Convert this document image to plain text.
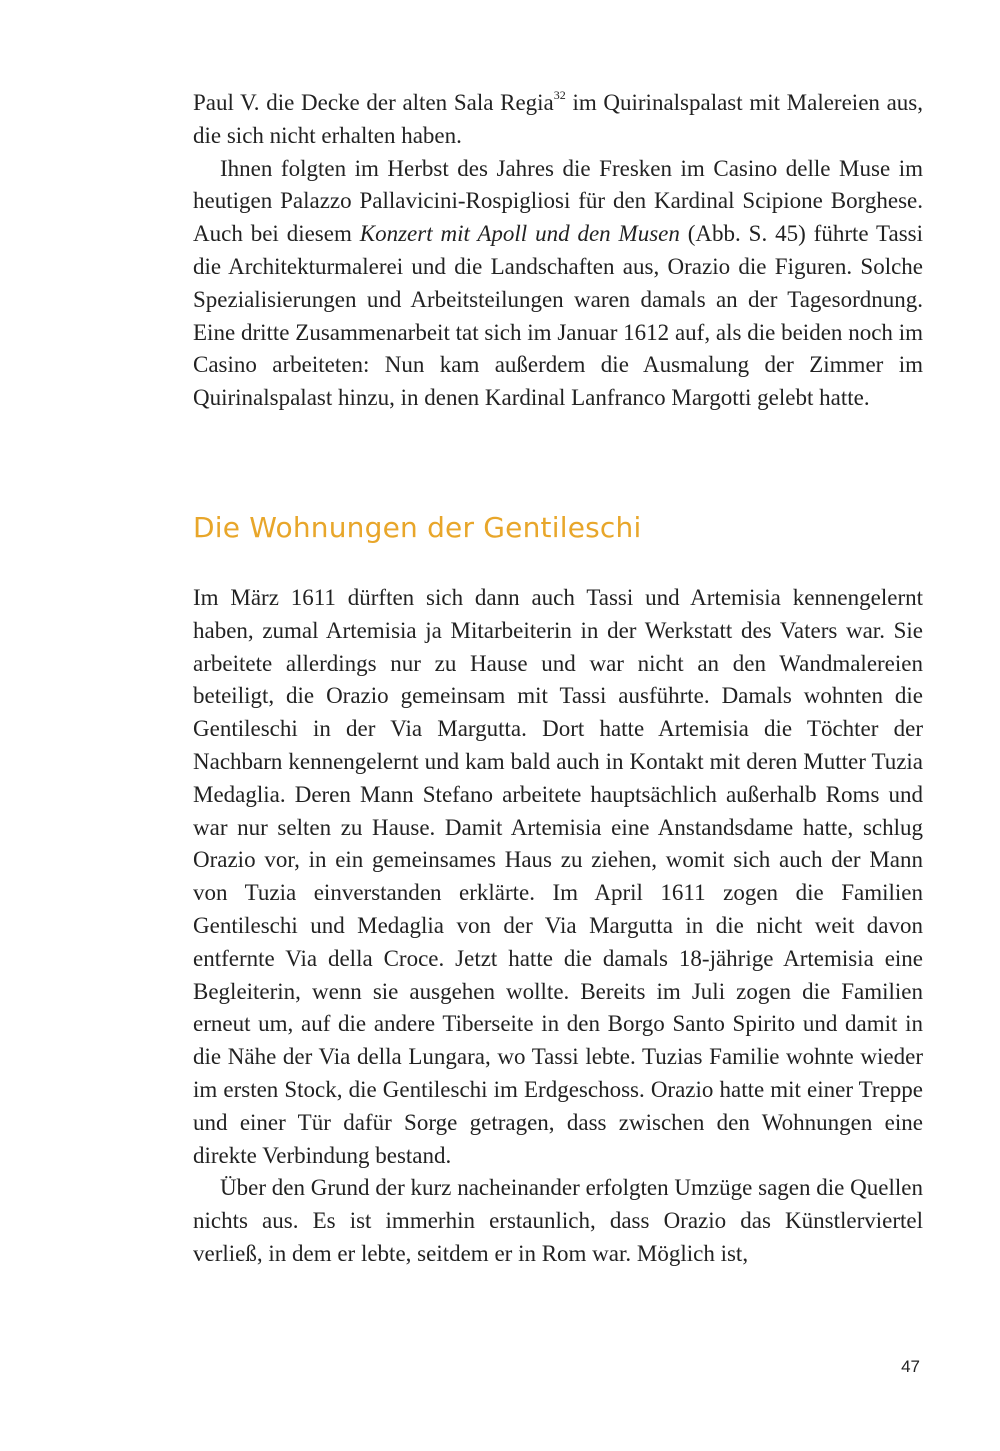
Paul V. die Decke der alten Sala Regia$^{32}$ im Quirinalspalast mit Malereien aus, die sich nicht erhalten haben.

Ihnen folgten im Herbst des Jahres die Fresken im Casino delle Muse im heutigen Palazzo Pallavicini-Rospigliosi für den Kardinal Scipione Borghese. Auch bei diesem Konzert mit Apoll und den Musen (Abb. S. 45) führte Tassi die Architekturmalerei und die Landschaften aus, Orazio die Figuren. Solche Spezialisierungen und Arbeitsteilungen waren damals an der Tagesordnung. Eine dritte Zusammenarbeit tat sich im Januar 1612 auf, als die beiden noch im Casino arbeiteten: Nun kam außerdem die Ausmalung der Zimmer im Quirinalspalast hinzu, in denen Kardinal Lanfranco Margotti gelebt hatte.

Die Wohnungen der Gentileschi

Im März 1611 dürften sich dann auch Tassi und Artemisia kennengelernt haben, zumal Artemisia ja Mitarbeiterin in der Werkstatt des Vaters war. Sie arbeitete allerdings nur zu Hause und war nicht an den Wandmalereien beteiligt, die Orazio gemeinsam mit Tassi ausführte. Damals wohnten die Gentileschi in der Via Margutta. Dort hatte Artemisia die Töchter der Nachbarn kennengelernt und kam bald auch in Kontakt mit deren Mutter Tuzia Medaglia. Deren Mann Stefano arbeitete hauptsächlich außerhalb Roms und war nur selten zu Hause. Damit Artemisia eine Anstandsdame hatte, schlug Orazio vor, in ein gemeinsames Haus zu ziehen, womit sich auch der Mann von Tuzia einverstanden erklärte. Im April 1611 zogen die Familien Gentileschi und Medaglia von der Via Margutta in die nicht weit davon entfernte Via della Croce. Jetzt hatte die damals 18-jährige Artemisia eine Begleiterin, wenn sie ausgehen wollte. Bereits im Juli zogen die Familien erneut um, auf die andere Tiberseite in den Borgo Santo Spirito und damit in die Nähe der Via della Lungara, wo Tassi lebte. Tuzias Familie wohnte wieder im ersten Stock, die Gentileschi im Erdgeschoss. Orazio hatte mit einer Treppe und einer Tür dafür Sorge getragen, dass zwischen den Wohnungen eine direkte Verbindung bestand.

Über den Grund der kurz nacheinander erfolgten Umzüge sagen die Quellen nichts aus. Es ist immerhin erstaunlich, dass Orazio das Künstlerviertel verließ, in dem er lebte, seitdem er in Rom war. Möglich ist,

47
